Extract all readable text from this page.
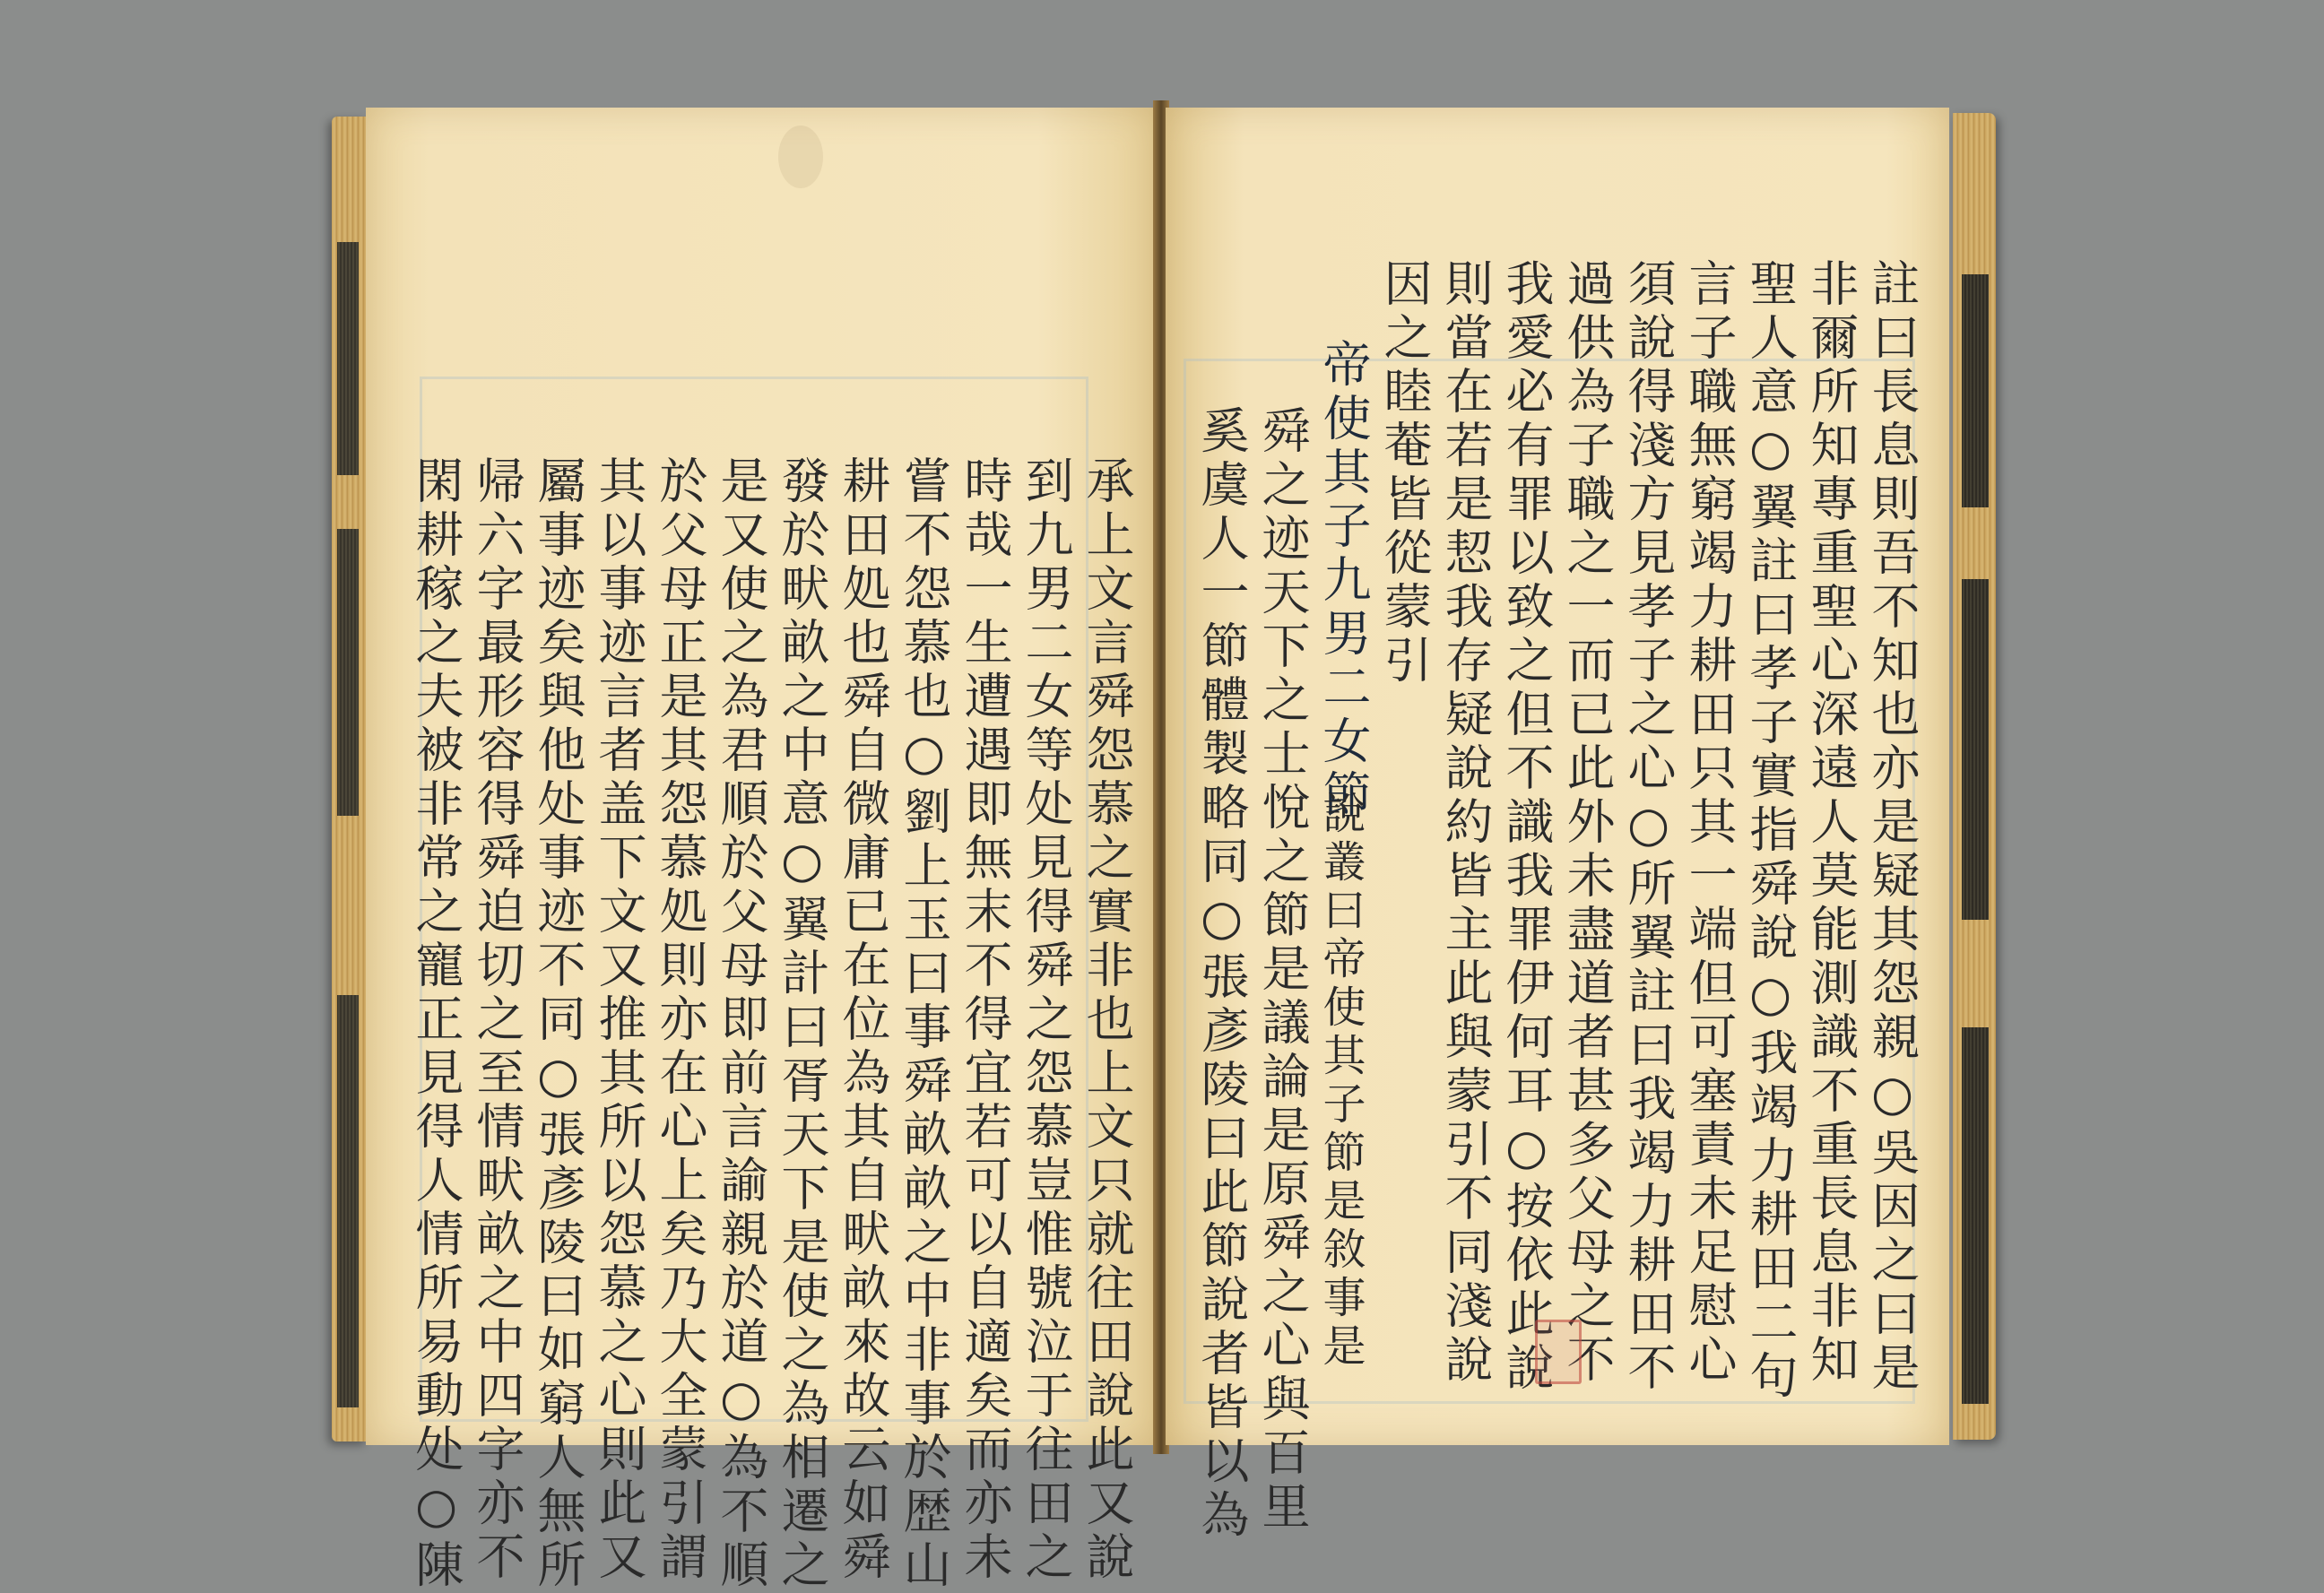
承上文言舜怨慕之實非也上文只就往田說此又說
到九男二女等处見得舜之怨慕豈惟號泣于往田之
時哉一生遭遇即無末不得宜若可以自適矣而亦未
嘗不怨慕也○劉上玉曰事舜畝畝之中非事於歴山
耕田処也舜自微庸已在位為其自畎畝來故云如舜
發於畎畝之中意○翼計曰胥天下是使之為相遷之
是又使之為君順於父母即前言諭親於道○為不順
於父母正是其怨慕処則亦在心上矣乃大全蒙引謂
其以事迹言者盖下文又推其所以怨慕之心則此又
屬事迹矣與他处事迹不同○張彥陵曰如窮人無所
帰六字最形容得舜迫切之至情畎畝之中四字亦不
閑耕稼之夫被非常之寵正見得人情所易動处○陳	註曰長息則吾不知也亦是疑其怨親○吳因之曰是
非爾所知專重聖心深遠人莫能測識不重長息非知
聖人意○翼註曰孝子實指舜說○我竭力耕田二句
言子職無窮竭力耕田只其一端但可塞責未足慰心
須說得淺方見孝子之心○所翼註曰我竭力耕田不
過供為子職之一而已此外未盡道者甚多父母之不
我愛必有罪以致之但不識我罪伊何耳○按依此說
則當在若是恝我存疑說約皆主此與蒙引不同淺說
因之睦菴皆從蒙引
帝使其子九男二女節
說叢曰帝使其子節是敘事是
舜之迹天下之士悅之節是議論是原舜之心與百里
奚虞人一節體製略同○張彥陵曰此節說者皆以為
